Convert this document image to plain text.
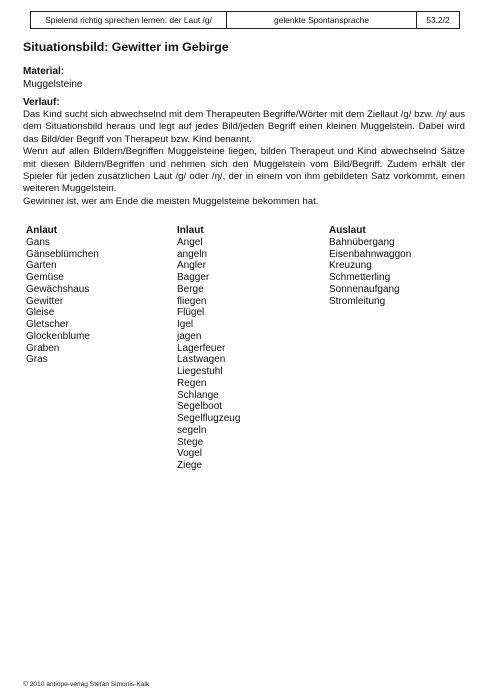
Spielend richtig sprechen lernen: der Laut /g/	gelenkte Spontansprache	53.2/2
Situationsbild: Gewitter im Gebirge
Material:
Muggelsteine
Verlauf:

Das Kind sucht sich abwechselnd mit dem Therapeuten Begriffe/Wörter mit dem Ziellaut /g/ bzw. /ŋ/ aus dem Situationsbild heraus und legt auf jedes Bild/jeden Begriff einen kleinen Muggelstein. Dabei wird das Bild/der Begriff von Therapeut bzw. Kind benannt.

Wenn auf allen Bildern/Begriffen Muggelsteine liegen, bilden Therapeut und Kind abwechselnd Sätze mit diesen Bildern/Begriffen und nehmen sich den Muggelstein vom Bild/Begriff. Zudem erhält der Spieler für jeden zusätzlichen Laut /g/ oder /ŋ/, der in einem von ihm gebildeten Satz vorkommt, einen weiteren Muggelstein.

Gewinner ist, wer am Ende die meisten Muggelsteine bekommen hat.

Anlaut
Gans
Gänseblümchen
Garten
Gemüse
Gewächshaus
Gewitter
Gleise
Gletscher
Glockenblume
Graben
Gras
Inlaut
Angel
angeln
Angler
Bagger
Berge
fliegen
Flügel
Igel
jagen
Lagerfeuer
Lastwagen
Liegestuhl
Regen
Schlange
Segelboot
Segelflugzeug
segeln
Stege
Vogel
Ziege
Auslaut
Bahnübergang
Eisenbahnwaggon
Kreuzung
Schmetterling
Sonnenaufgang
Stromleitung
© 2010 antiope-verlag Stefan Simonis-Kalk
